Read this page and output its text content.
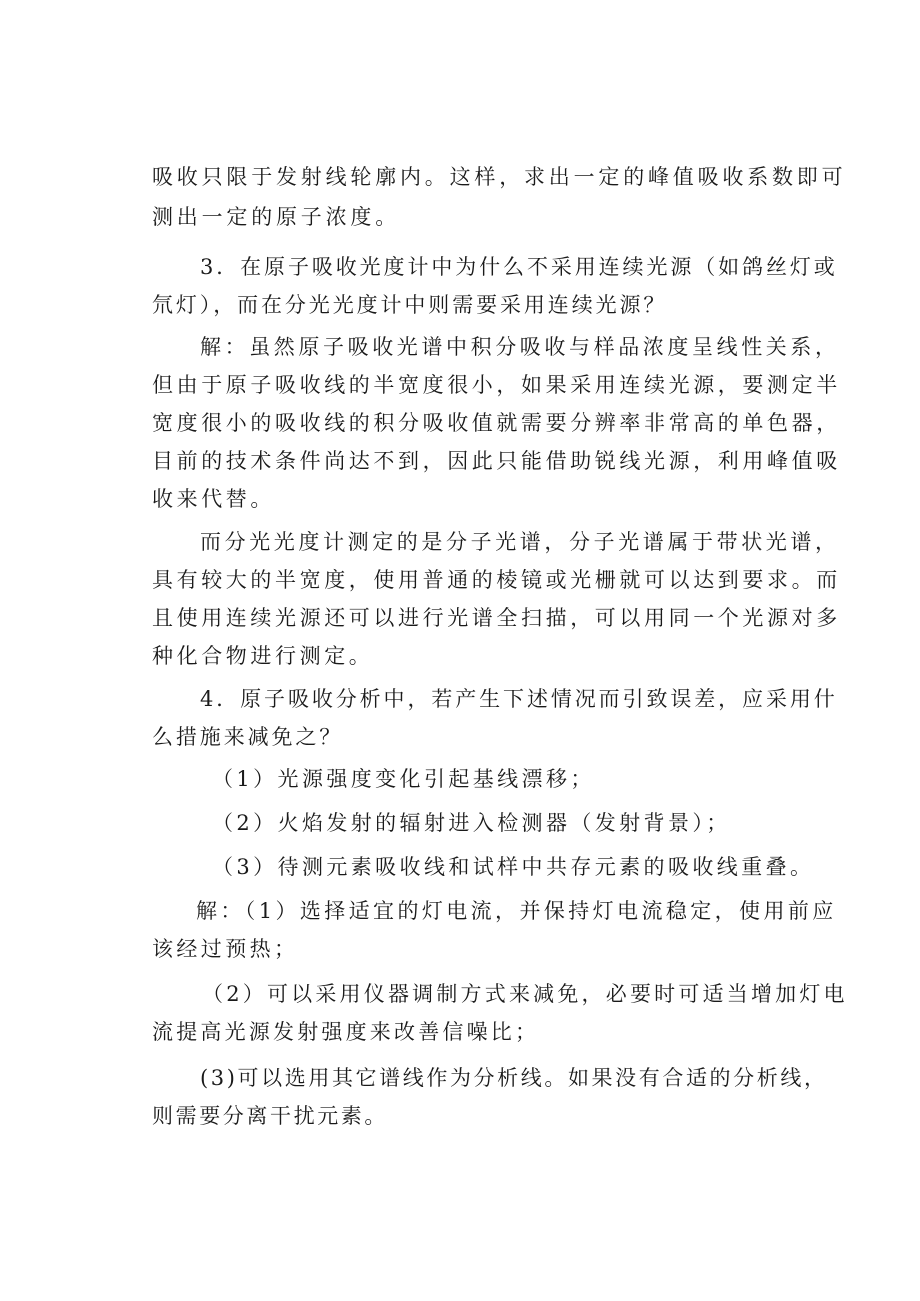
吸收只限于发射线轮廓内。这样，求出一定的峰值吸收系数即可
测出一定的原子浓度。
3．在原子吸收光度计中为什么不采用连续光源（如鸽丝灯或
氘灯），而在分光光度计中则需要采用连续光源？
解：虽然原子吸收光谱中积分吸收与样品浓度呈线性关系，
但由于原子吸收线的半宽度很小，如果采用连续光源，要测定半
宽度很小的吸收线的积分吸收值就需要分辨率非常高的单色器，
目前的技术条件尚达不到，因此只能借助锐线光源，利用峰值吸
收来代替。
而分光光度计测定的是分子光谱，分子光谱属于带状光谱，
具有较大的半宽度，使用普通的棱镜或光栅就可以达到要求。而
且使用连续光源还可以进行光谱全扫描，可以用同一个光源对多
种化合物进行测定。
4．原子吸收分析中，若产生下述情况而引致误差，应采用什
么措施来减免之？
（1）光源强度变化引起基线漂移；
（2）火焰发射的辐射进入检测器（发射背景）；
（3）待测元素吸收线和试样中共存元素的吸收线重叠。
解：（1）选择适宜的灯电流，并保持灯电流稳定，使用前应
该经过预热；
（2）可以采用仪器调制方式来减免，必要时可适当增加灯电
流提高光源发射强度来改善信噪比；
(3)可以选用其它谱线作为分析线。如果没有合适的分析线，
则需要分离干扰元素。
